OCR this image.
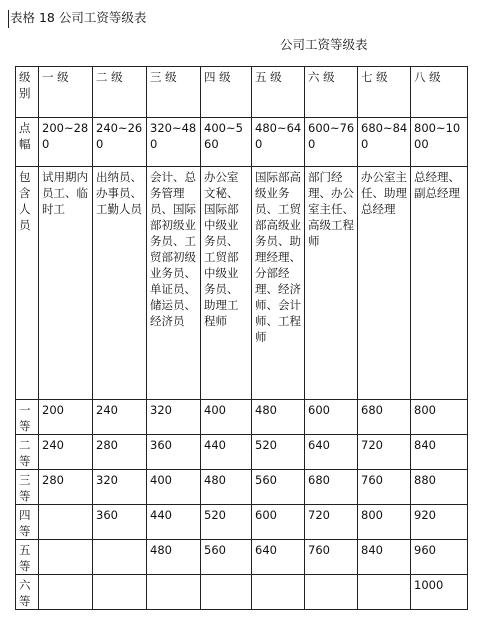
表格 18 公司工资等级表
公司工资等级表
级别	一 级	二 级	三 级	四 级	五 级	六 级	七 级	八 级

点幅	200~280	240~260	320~480	400~560	480~640	600~760	680~840	800~1000

包含人员	试用期内员工、临时工	出纳员、办事员、工勤人员	会计、总务管理员、国际部初级业务员、工贸部初级业务员、单证员、储运员、经济员	办公室文秘、国际部中级业务员、工贸部中级业务员、助理工程师	国际部高级业务员、工贸部高级业务员、助理经理、分部经理、经济师、会计师、工程师	部门经理、办公室主任、高级工程师	办公室主任、助理总经理	总经理、副总经理

一等	200	240	320	400	480	600	680	800

二等	240	280	360	440	520	640	720	840

三等	280	320	400	480	560	680	760	880

四等		360	440	520	600	720	800	920

五等			480	560	640	760	840	960

六等								1000
